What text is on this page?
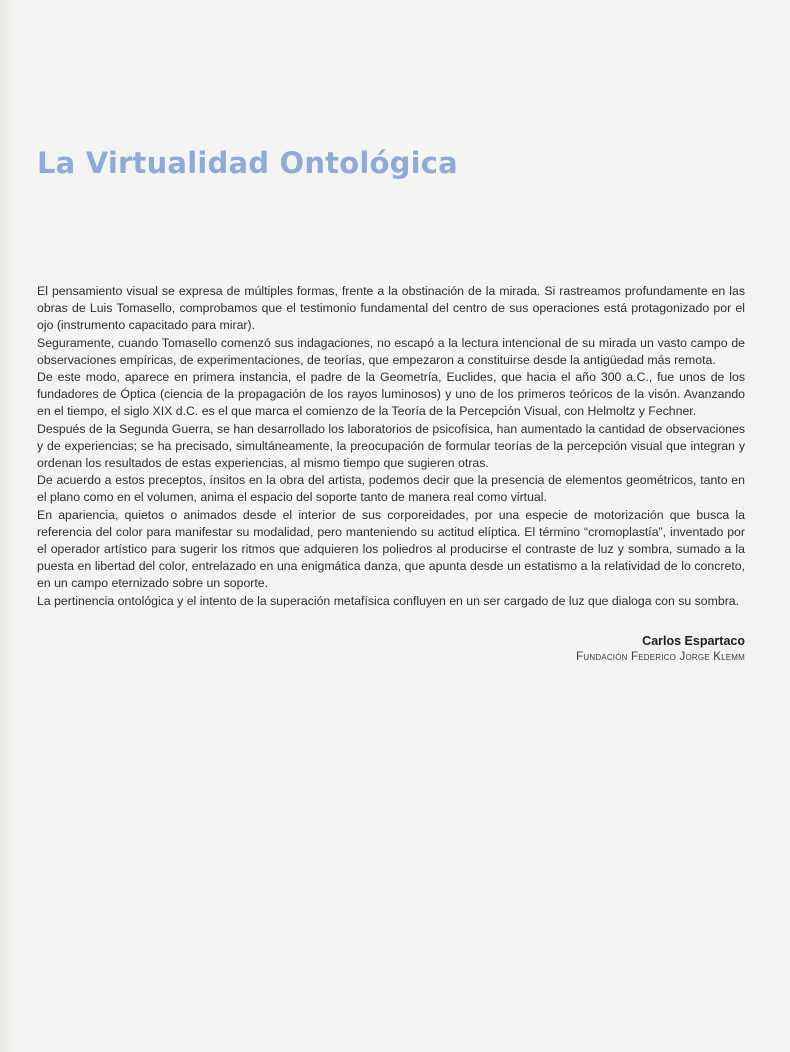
La Virtualidad Ontológica

El pensamiento visual se expresa de múltiples formas, frente a la obstinación de la mirada. Si rastreamos profundamente en las obras de Luis Tomasello, comprobamos que el testimonio fundamental del centro de sus operaciones está protagonizado por el ojo (instrumento capacitado para mirar).

Seguramente, cuando Tomasello comenzó sus indagaciones, no escapó a la lectura intencional de su mirada un vasto campo de observaciones empíricas, de experimentaciones, de teorías, que empezaron a constituirse desde la antigüedad más remota.

De este modo, aparece en primera instancia, el padre de la Geometría, Euclides, que hacia el año 300 a.C., fue unos de los fundadores de Óptica (ciencia de la propagación de los rayos luminosos) y uno de los primeros teóricos de la visón. Avanzando en el tiempo, el siglo XIX d.C. es el que marca el comienzo de la Teoría de la Percepción Visual, con Helmoltz y Fechner.

Después de la Segunda Guerra, se han desarrollado los laboratorios de psicofísica, han aumentado la cantidad de observaciones y de experiencias; se ha precisado, simultáneamente, la preocupación de formular teorías de la percepción visual que integran y ordenan los resultados de estas experiencias, al mismo tiempo que sugieren otras.

De acuerdo a estos preceptos, ínsitos en la obra del artista, podemos decir que la presencia de elementos geométricos, tanto en el plano como en el volumen, anima el espacio del soporte tanto de manera real como virtual.

En apariencia, quietos o animados desde el interior de sus corporeidades, por una especie de motorización que busca la referencia del color para manifestar su modalidad, pero manteniendo su actitud elíptica. El término “cromoplastía”, inventado por el operador artístico para sugerir los ritmos que adquieren los poliedros al producirse el contraste de luz y sombra, sumado a la puesta en libertad del color, entrelazado en una enigmática danza, que apunta desde un estatismo a la relatividad de lo concreto, en un campo eternizado sobre un soporte.

La pertinencia ontológica y el intento de la superación metafísica confluyen en un ser cargado de luz que dialoga con su sombra.

Carlos Espartaco

Fundación Federico Jorge Klemm
